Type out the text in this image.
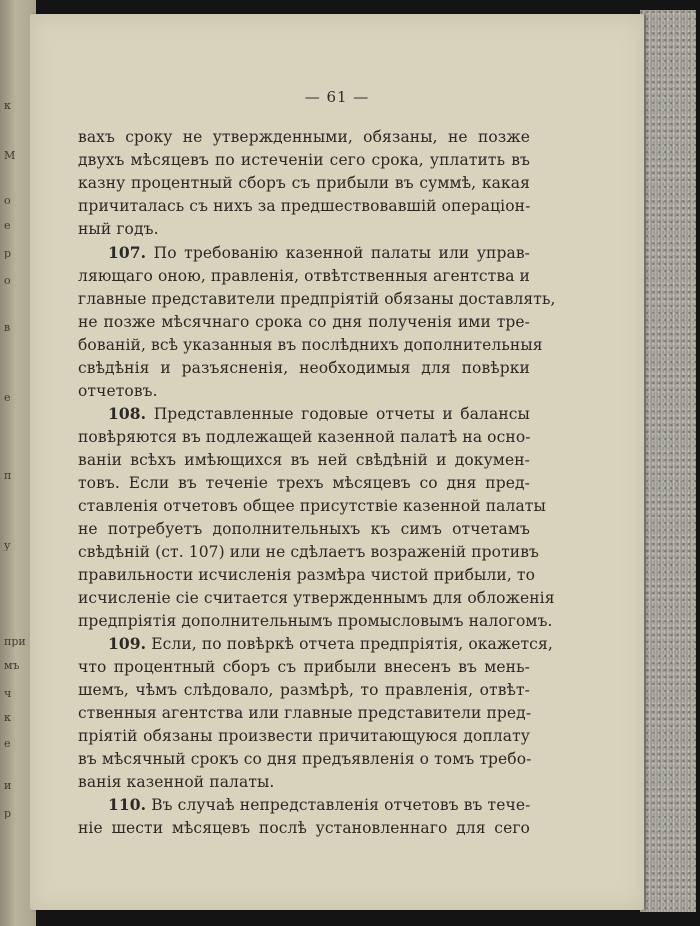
к
М
о
е
р
о
в
е
п
у
при
мъ
ч
к
е
и
р
— 61 —
вахъ сроку не утвержденными, обязаны, не позже
двухъ мѣсяцевъ по истеченіи сего срока, уплатить въ
казну процентный сборъ съ прибыли въ суммѣ, какая
причиталась съ нихъ за предшествовавшій операціон-
ный годъ.
107. По требованію казенной палаты или управ-
ляющаго оною, правленія, отвѣтственныя агентства и
главные представители предпріятій обязаны доставлять,
не позже мѣсячнаго срока со дня полученія ими тре-
бованій, всѣ указанныя въ послѣднихъ дополнительныя
свѣдѣнія и разъясненія, необходимыя для повѣрки
отчетовъ.
108. Представленные годовые отчеты и балансы
повѣряются въ подлежащей казенной палатѣ на осно-
ваніи всѣхъ имѣющихся въ ней свѣдѣній и докумен-
товъ. Если въ теченіе трехъ мѣсяцевъ со дня пред-
ставленія отчетовъ общее присутствіе казенной палаты
не потребуетъ дополнительныхъ къ симъ отчетамъ
свѣдѣній (ст. 107) или не сдѣлаетъ возраженій противъ
правильности исчисленія размѣра чистой прибыли, то
исчисленіе сіе считается утвержденнымъ для обложенія
предпріятія дополнительнымъ промысловымъ налогомъ.
109. Если, по повѣркѣ отчета предпріятія, окажется,
что процентный сборъ съ прибыли внесенъ въ мень-
шемъ, чѣмъ слѣдовало, размѣрѣ, то правленія, отвѣт-
ственныя агентства или главные представители пред-
пріятій обязаны произвести причитающуюся доплату
въ мѣсячный срокъ со дня предъявленія о томъ требо-
ванія казенной палаты.
110. Въ случаѣ непредставленія отчетовъ въ тече-
ніе шести мѣсяцевъ послѣ установленнаго для сего
